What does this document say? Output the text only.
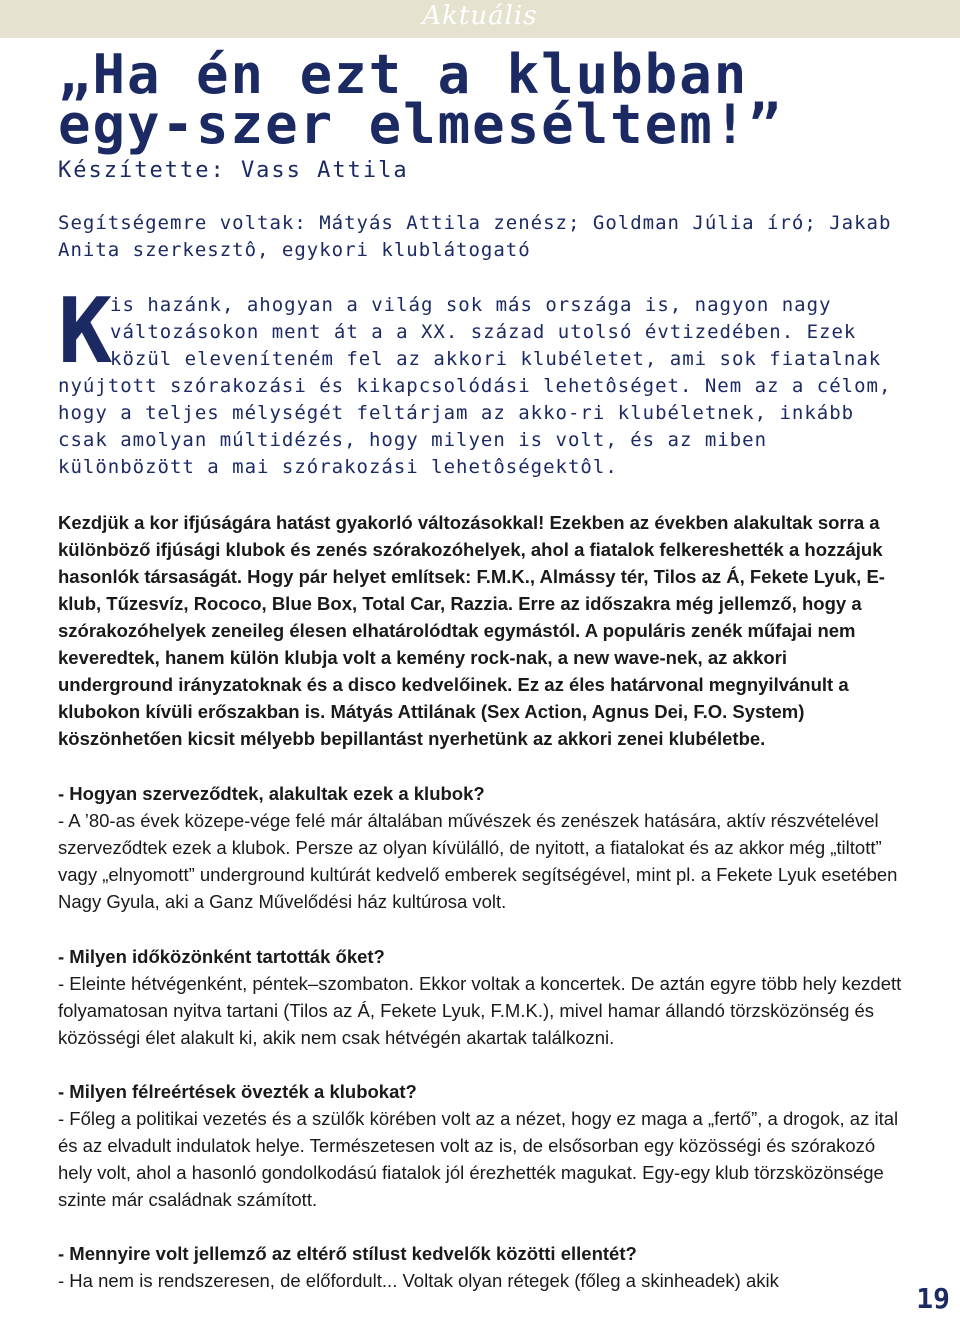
Aktuális
„Ha én ezt a klubban egy-szer elmeséltem!”
Készítette: Vass Attila
Segítségemre voltak: Mátyás Attila zenész; Goldman Júlia író; Jakab Anita szerkesztô, egykori klublátogató
K
is hazánk, ahogyan a világ sok más országa is, nagyon nagy változásokon ment át a a XX. század utolsó évtizedében. Ezek közül eleveníteném fel az akkori klubéletet, ami sok fiatalnak nyújtott szórakozási és kikapcsolódási lehetôséget. Nem az a célom, hogy a teljes mélységét feltárjam az akko-ri klubéletnek, inkább csak amolyan múltidézés, hogy milyen is volt, és az miben különbözött a mai szórakozási lehetôségektôl.
Kezdjük a kor ifjúságára hatást gyakorló változásokkal! Ezekben az években alakultak sorra a különböző ifjúsági klubok és zenés szórakozóhelyek, ahol a fiatalok felkereshették a hozzájuk hasonlók társaságát. Hogy pár helyet említsek: F.M.K., Almássy tér, Tilos az Á, Fekete Lyuk, E-klub, Tűzesvíz, Rococo, Blue Box, Total Car, Razzia. Erre az időszakra még jellemző, hogy a szórakozóhelyek zeneileg élesen elhatárolódtak egymástól. A populáris zenék műfajai nem keveredtek, hanem külön klubja volt a kemény rock-nak, a new wave-nek, az akkori underground irányzatoknak és a disco kedvelőinek. Ez az éles határvonal megnyilvánult a klubokon kívüli erőszakban is. Mátyás Attilának (Sex Action, Agnus Dei, F.O. System) köszönhetően kicsit mélyebb bepillantást nyerhetünk az akkori zenei klubéletbe.

- Hogyan szerveződtek, alakultak ezek a klubok?

- A ’80-as évek közepe-vége felé már általában művészek és zenészek hatására, aktív részvételével szerveződtek ezek a klubok. Persze az olyan kívülálló, de nyitott, a fiatalokat és az akkor még „tiltott” vagy „elnyomott” underground kultúrát kedvelő emberek segítségével, mint pl. a Fekete Lyuk esetében Nagy Gyula, aki a Ganz Művelődési ház kultúrosa volt.

- Milyen időközönként tartották őket?

- Eleinte hétvégenként, péntek–szombaton. Ekkor voltak a koncertek. De aztán egyre több hely kezdett folyamatosan nyitva tartani (Tilos az Á, Fekete Lyuk, F.M.K.), mivel hamar állandó törzsközönség és közösségi élet alakult ki, akik nem csak hétvégén akartak találkozni.

- Milyen félreértések övezték a klubokat?

- Főleg a politikai vezetés és a szülők körében volt az a nézet, hogy ez maga a „fertő”, a drogok, az ital és az elvadult indulatok helye. Természetesen volt az is, de elsősorban egy közösségi és szórakozó hely volt, ahol a hasonló gondolkodású fiatalok jól érezhették magukat. Egy-egy klub törzsközönsége szinte már családnak számított.

- Mennyire volt jellemző az eltérő stílust kedvelők közötti ellentét?

- Ha nem is rendszeresen, de előfordult... Voltak olyan rétegek (főleg a skinheadek) akik

19
